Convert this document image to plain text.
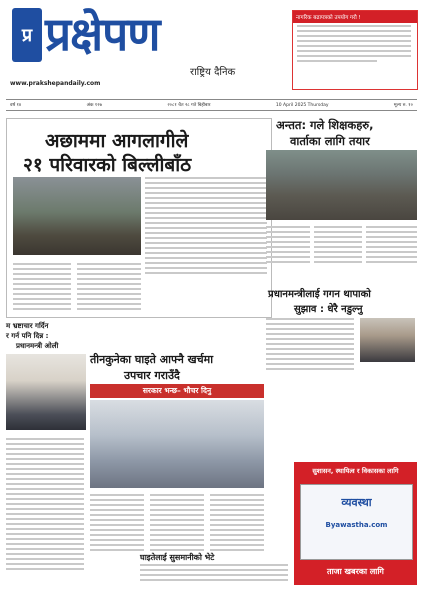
प्र प्रक्षेपण
राष्ट्रिय दैनिक
www.prakshepandaily.com
नागरिक बढापत्रको उपयोग गरौ !
वर्ष १४	अंक १२७	२०८१ चैत २८ गते बिहीबार	10 April 2025 Thursday	मूल्य रु. १०
अछाममा आगलागीले
२१ परिवारको बिल्लीबाँठ
अन्तत: गले शिक्षकहरु,
वार्ताका लागि तयार
प्रधानमन्त्रीलाई गगन थापाको
सुझाव : धेरै नडुल्नु
म भ्रष्टाचार गर्दिन
र गर्न पनि दिन्न :
प्रधानमन्त्री ओली
तीनकुनेका घाइते आफ्नै खर्चमा
उपचार गराउँदै
सरकार भन्छ– भौचर दिनु
घाइतेलाई सुसमानीको भेटे
सुशासन, स्थायित्व र विकासका लागि
व्यवस्था
Byawastha.com
ताजा खबरका लागि
